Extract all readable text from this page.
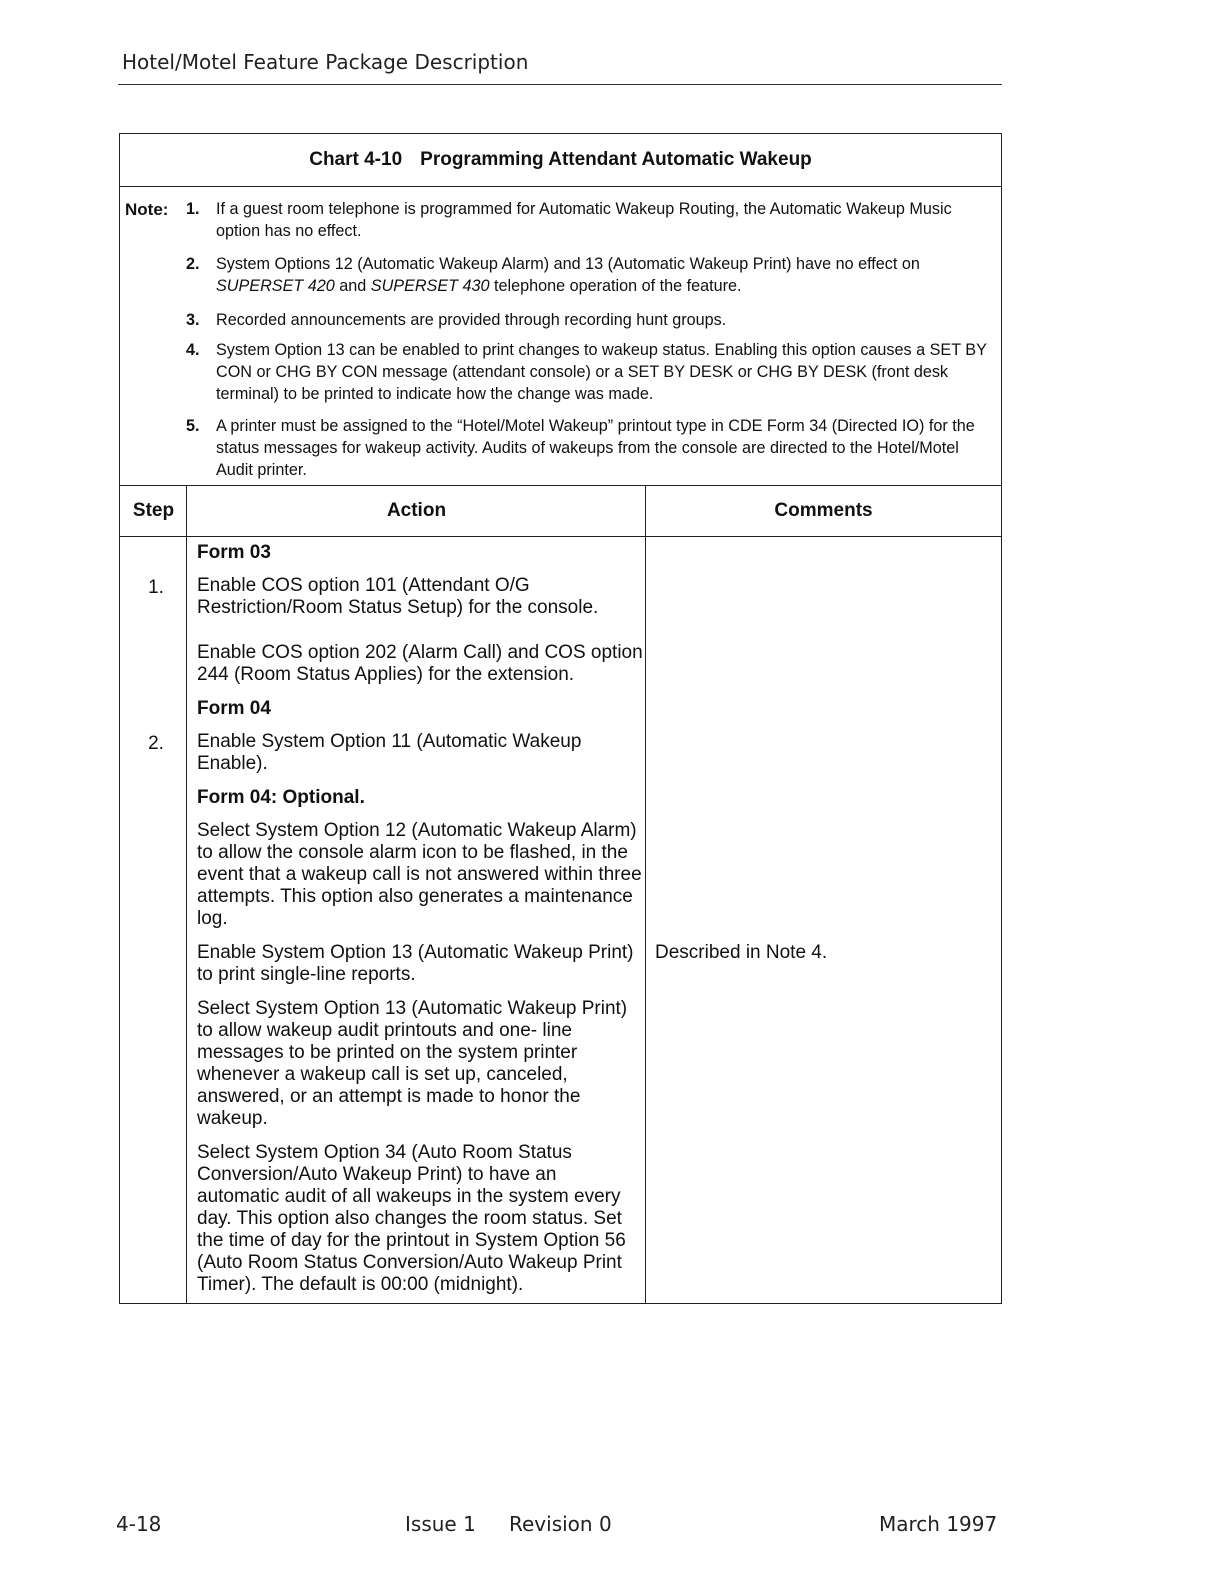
Hotel/Motel Feature Package Description
Chart 4-10 Programming Attendant Automatic Wakeup
Note: 1. If a guest room telephone is programmed for Automatic Wakeup Routing, the Automatic Wakeup Music option has no effect.
2. System Options 12 (Automatic Wakeup Alarm) and 13 (Automatic Wakeup Print) have no effect on SUPERSET 420 and SUPERSET 430 telephone operation of the feature.
3. Recorded announcements are provided through recording hunt groups.
4. System Option 13 can be enabled to print changes to wakeup status. Enabling this option causes a SET BY CON or CHG BY CON message (attendant console) or a SET BY DESK or CHG BY DESK (front desk terminal) to be printed to indicate how the change was made.
5. A printer must be assigned to the “Hotel/Motel Wakeup” printout type in CDE Form 34 (Directed IO) for the status messages for wakeup activity. Audits of wakeups from the console are directed to the Hotel/Motel Audit printer.
Step	Action	Comments
Form 03
1. Enable COS option 101 (Attendant O/G Restriction/Room Status Setup) for the console.
Enable COS option 202 (Alarm Call) and COS option 244 (Room Status Applies) for the extension.
Form 04
2. Enable System Option 11 (Automatic Wakeup Enable).
Form 04: Optional.
Select System Option 12 (Automatic Wakeup Alarm) to allow the console alarm icon to be flashed, in the event that a wakeup call is not answered within three attempts. This option also generates a maintenance log.
Enable System Option 13 (Automatic Wakeup Print) to print single-line reports.
Described in Note 4.
Select System Option 13 (Automatic Wakeup Print) to allow wakeup audit printouts and one- line messages to be printed on the system printer whenever a wakeup call is set up, canceled, answered, or an attempt is made to honor the wakeup.
Select System Option 34 (Auto Room Status Conversion/Auto Wakeup Print) to have an automatic audit of all wakeups in the system every day. This option also changes the room status. Set the time of day for the printout in System Option 56 (Auto Room Status Conversion/Auto Wakeup Print Timer). The default is 00:00 (midnight).
4-18	Issue 1 Revision 0	March 1997
